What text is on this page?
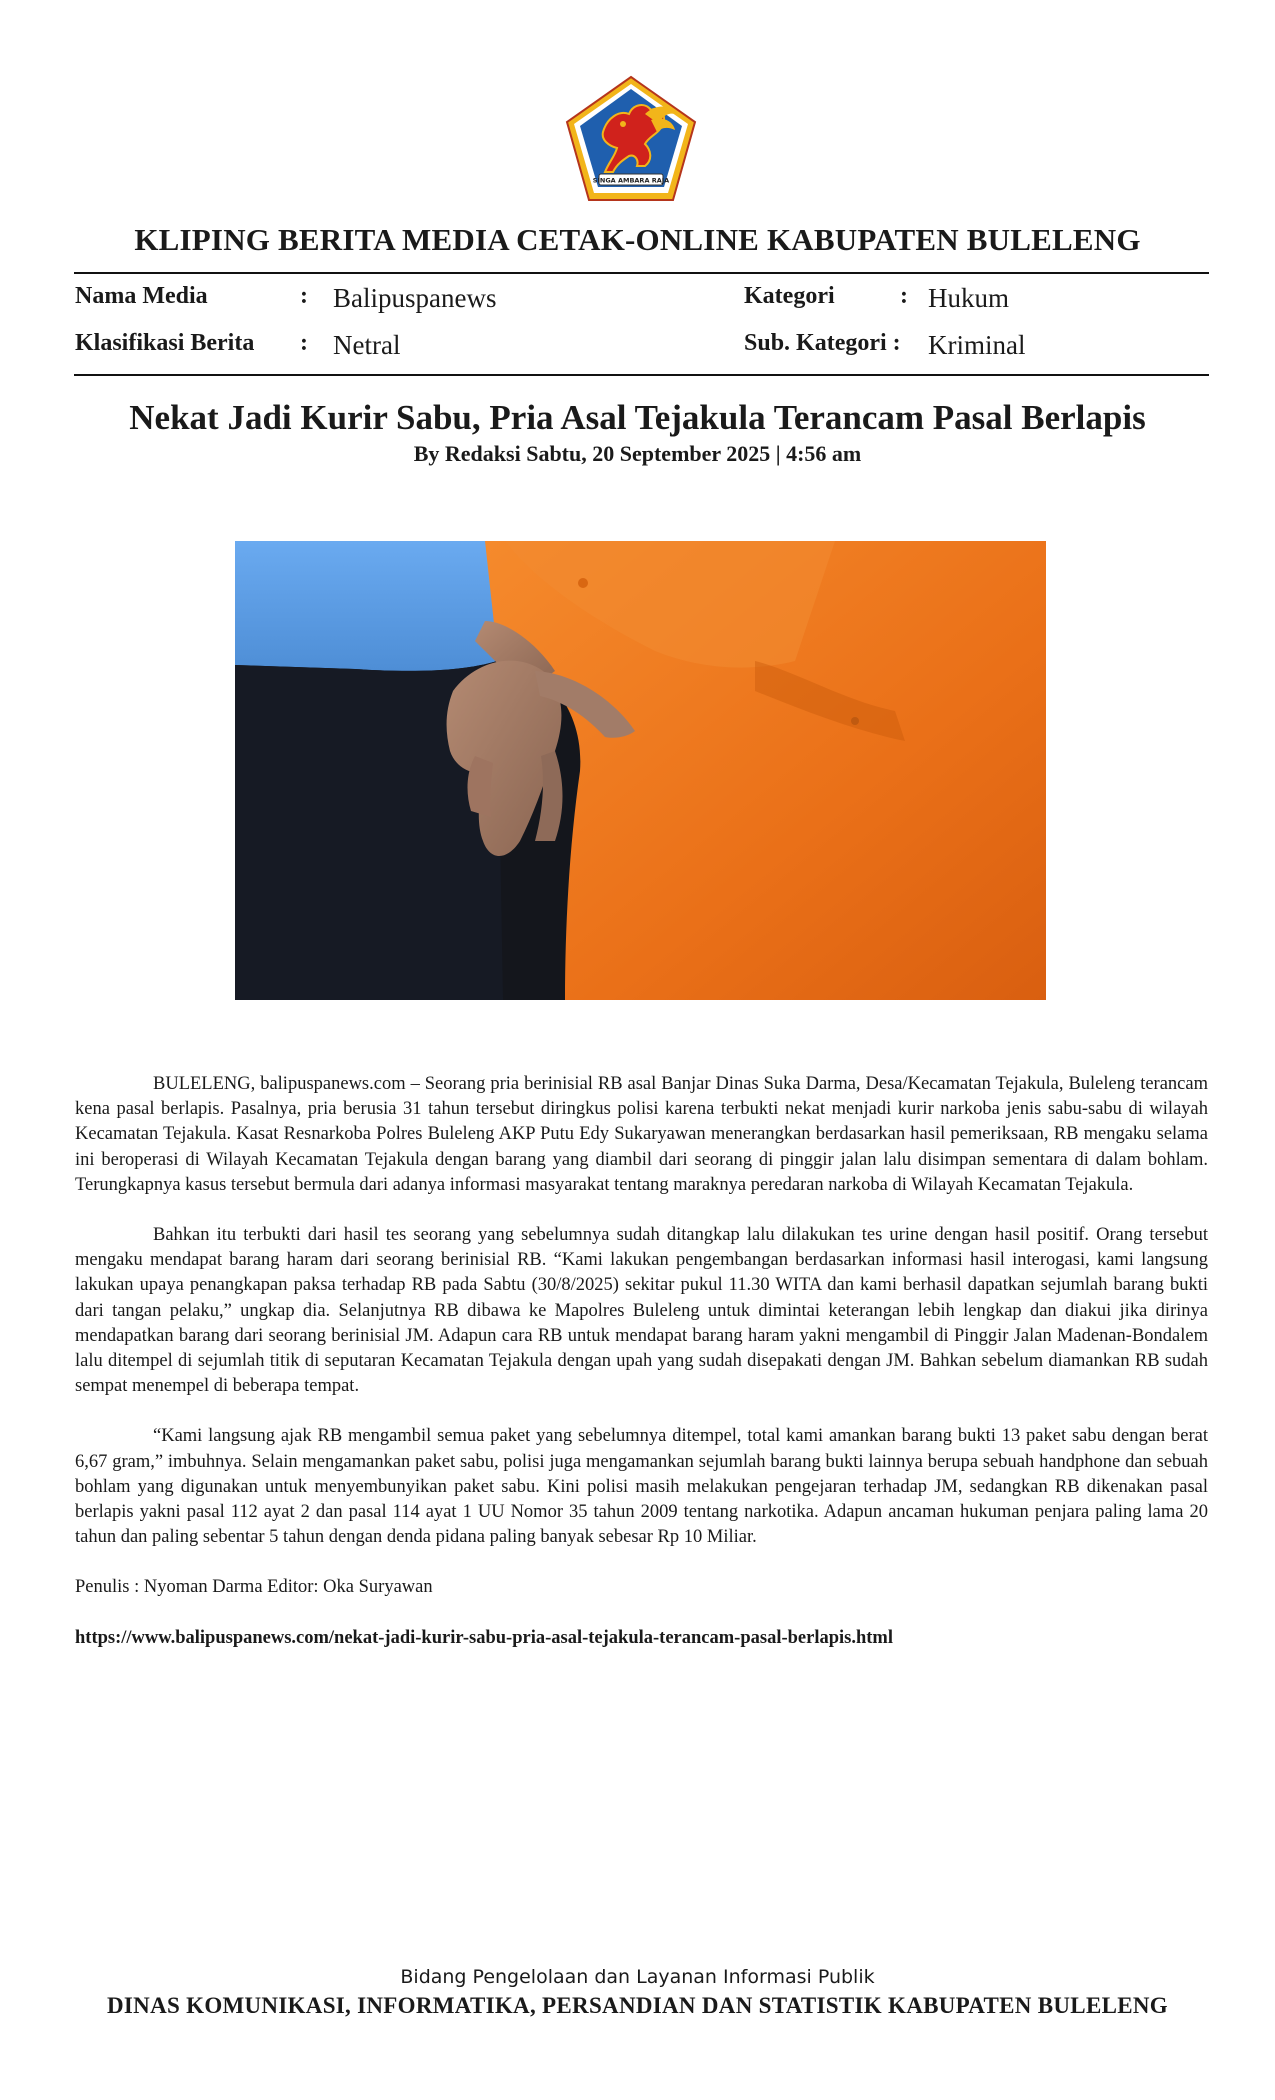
SINGA AMBARA RAJA
KLIPING BERITA MEDIA CETAK-ONLINE KABUPATEN BULELENG
Nama Media	: Balipuspanews	Kategori	: Hukum
Klasifikasi Berita : Netral	Sub. Kategori : Kriminal
Nekat Jadi Kurir Sabu, Pria Asal Tejakula Terancam Pasal Berlapis
By Redaksi Sabtu, 20 September 2025 | 4:56 am

BULELENG, balipuspanews.com – Seorang pria berinisial RB asal Banjar Dinas Suka Darma, Desa/Kecamatan Tejakula, Buleleng terancam kena pasal berlapis. Pasalnya, pria berusia 31 tahun tersebut diringkus polisi karena terbukti nekat menjadi kurir narkoba jenis sabu-sabu di wilayah Kecamatan Tejakula. Kasat Resnarkoba Polres Buleleng AKP Putu Edy Sukaryawan menerangkan berdasarkan hasil pemeriksaan, RB mengaku selama ini beroperasi di Wilayah Kecamatan Tejakula dengan barang yang diambil dari seorang di pinggir jalan lalu disimpan sementara di dalam bohlam. Terungkapnya kasus tersebut bermula dari adanya informasi masyarakat tentang maraknya peredaran narkoba di Wilayah Kecamatan Tejakula.

Bahkan itu terbukti dari hasil tes seorang yang sebelumnya sudah ditangkap lalu dilakukan tes urine dengan hasil positif. Orang tersebut mengaku mendapat barang haram dari seorang berinisial RB. “Kami lakukan pengembangan berdasarkan informasi hasil interogasi, kami langsung lakukan upaya penangkapan paksa terhadap RB pada Sabtu (30/8/2025) sekitar pukul 11.30 WITA dan kami berhasil dapatkan sejumlah barang bukti dari tangan pelaku,” ungkap dia. Selanjutnya RB dibawa ke Mapolres Buleleng untuk dimintai keterangan lebih lengkap dan diakui jika dirinya mendapatkan barang dari seorang berinisial JM. Adapun cara RB untuk mendapat barang haram yakni mengambil di Pinggir Jalan Madenan-Bondalem lalu ditempel di sejumlah titik di seputaran Kecamatan Tejakula dengan upah yang sudah disepakati dengan JM. Bahkan sebelum diamankan RB sudah sempat menempel di beberapa tempat.

“Kami langsung ajak RB mengambil semua paket yang sebelumnya ditempel, total kami amankan barang bukti 13 paket sabu dengan berat 6,67 gram,” imbuhnya. Selain mengamankan paket sabu, polisi juga mengamankan sejumlah barang bukti lainnya berupa sebuah handphone dan sebuah bohlam yang digunakan untuk menyembunyikan paket sabu. Kini polisi masih melakukan pengejaran terhadap JM, sedangkan RB dikenakan pasal berlapis yakni pasal 112 ayat 2 dan pasal 114 ayat 1 UU Nomor 35 tahun 2009 tentang narkotika. Adapun ancaman hukuman penjara paling lama 20 tahun dan paling sebentar 5 tahun dengan denda pidana paling banyak sebesar Rp 10 Miliar.

Penulis : Nyoman Darma Editor: Oka Suryawan

https://www.balipuspanews.com/nekat-jadi-kurir-sabu-pria-asal-tejakula-terancam-pasal-berlapis.html

Bidang Pengelolaan dan Layanan Informasi Publik
DINAS KOMUNIKASI, INFORMATIKA, PERSANDIAN DAN STATISTIK KABUPATEN BULELENG
